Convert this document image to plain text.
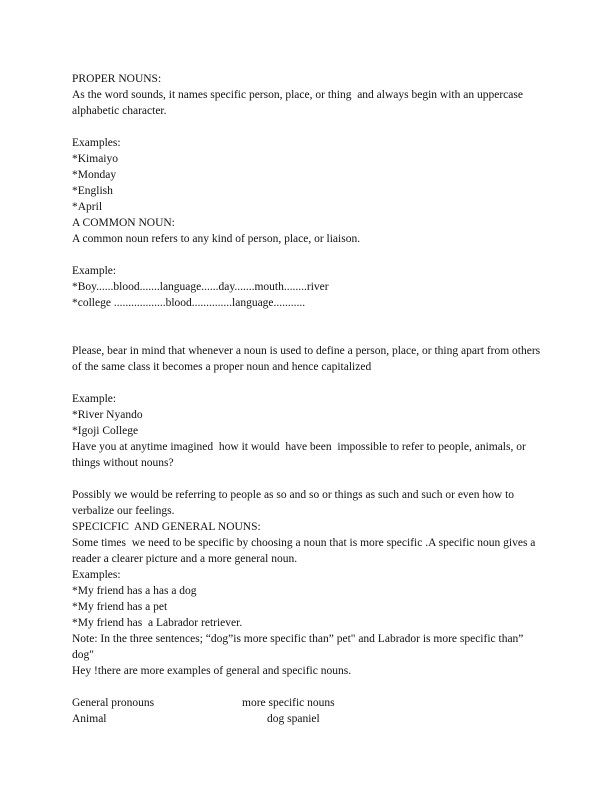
PROPER NOUNS:

As the word sounds, it names specific person, place, or thing  and always begin with an uppercase alphabetic character.

Examples:

*Kimaiyo

*Monday

*English

*April

A COMMON NOUN:

A common noun refers to any kind of person, place, or liaison.

Example:

*Boy......blood.......language......day.......mouth........river

*college ..................blood..............language...........

Please, bear in mind that whenever a noun is used to define a person, place, or thing apart from others of the same class it becomes a proper noun and hence capitalized

Example:

*River Nyando

*Igoji College

Have you at anytime imagined  how it would  have been  impossible to refer to people, animals, or things without nouns?

Possibly we would be referring to people as so and so or things as such and such or even how to verbalize our feelings.

SPECICFIC  AND GENERAL NOUNS:

Some times  we need to be specific by choosing a noun that is more specific .A specific noun gives a reader a clearer picture and a more general noun.

Examples:

*My friend has a has a dog

*My friend has a pet

*My friend has  a Labrador retriever.

Note: In the three sentences; “dog”is more specific than” pet" and Labrador is more specific than” dog"

Hey !there are more examples of general and specific nouns.

General pronouns	more specific nouns
Animal	dog spaniel
